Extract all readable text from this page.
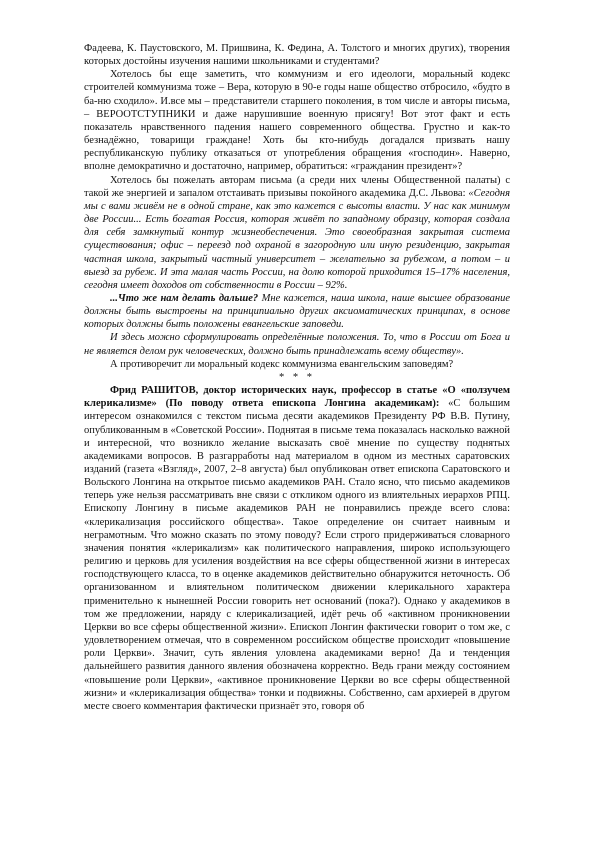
Фадеева, К. Паустовского, М. Пришвина, К. Федина, А. Толстого и многих других), творения которых достойны изучения нашими школьниками и студентами?

Хотелось бы еще заметить, что коммунизм и его идеологи, моральный кодекс строителей коммунизма тоже – Вера, которую в 90-е годы наше общество отбросило, «будто в ба-ню сходило». И.все мы – представители старшего поколения, в том числе и авторы письма, – ВЕРООТСТУПНИКИ и даже нарушившие военную присягу! Вот этот факт и есть показатель нравственного падения нашего современного общества. Грустно и как-то безнадёжно, товарищи граждане! Хоть бы кто-нибудь догадался призвать нашу республиканскую публику отказаться от употребления обращения «господин». Наверно, вполне демократично и достаточно, например, обратиться: «гражданин президент»?

Хотелось бы пожелать авторам письма (а среди них члены Общественной палаты) с такой же энергией и запалом отстаивать призывы покойного академика Д.С. Львова: «Сегодня мы с вами живём не в одной стране, как это кажется с высоты власти. У нас как минимум две России... Есть богатая Россия, которая живёт по западному образцу, которая создала для себя замкнутый контур жизнеобеспечения. Это своеобразная закрытая система существования; офис – переезд под охраной в загородную или иную резиденцию, закрытая частная школа, закрытый частный университет – желательно за рубежом, а потом – и выезд за рубеж. И эта малая часть России, на долю которой приходится 15–17% населения, сегодня имеет доходов от собственности в России – 92%.

...Что же нам делать дальше? Мне кажется, наша школа, наше высшее образование должны быть выстроены на принципиально других аксиоматических принципах, в основе которых должны быть положены евангельские заповеди.

И здесь можно сформулировать определённые положения. То, что в России от Бога и не является делом рук человеческих, должно быть принадлежать всему обществу».

А противоречит ли моральный кодекс коммунизма евангельским заповедям?

* * *

Фрид РАШИТОВ, доктор исторических наук, профессор в статье «О «ползучем клерикализме» (По поводу ответа епископа Лонгина академикам): «С большим интересом ознакомился с текстом письма десяти академиков Президенту РФ В.В. Путину, опубликованным в «Советской России». Поднятая в письме тема показалась насколько важной и интересной, что возникло желание высказать своё мнение по существу поднятых академиками вопросов. В разгарработы над материалом в одном из местных саратовских изданий (газета «Взгляд», 2007, 2–8 августа) был опубликован ответ епископа Саратовского и Вольского Лонгина на открытое письмо академиков РАН. Стало ясно, что письмо академиков теперь уже нельзя рассматривать вне связи с откликом одного из влиятельных иерархов РПЦ. Епископу Лонгину в письме академиков РАН не понравились прежде всего слова: «клерикализация российского общества». Такое определение он считает наивным и неграмотным. Что можно сказать по этому поводу? Если строго придерживаться словарного значения понятия «клерикализм» как политического направления, широко использующего религию и церковь для усиления воздействия на все сферы общественной жизни в интересах господствующего класса, то в оценке академиков действительно обнаружится неточность. Об организованном и влиятельном политическом движении клерикального характера применительно к нынешней России говорить нет оснований (пока?). Однако у академиков в том же предложении, наряду с клерикализацией, идёт речь об «активном проникновении Церкви во все сферы общественной жизни». Епископ Лонгин фактически говорит о том же, с удовлетворением отмечая, что в современном российском обществе происходит «повышение роли Церкви». Значит, суть явления уловлена академиками верно! Да и тенденция дальнейшего развития данного явления обозначена корректно. Ведь грани между состоянием «повышение роли Церкви», «активное проникновение Церкви во все сферы общественной жизни» и «клерикализация общества» тонки и подвижны. Собственно, сам архиерей в другом месте своего комментария фактически признаёт это, говоря об
